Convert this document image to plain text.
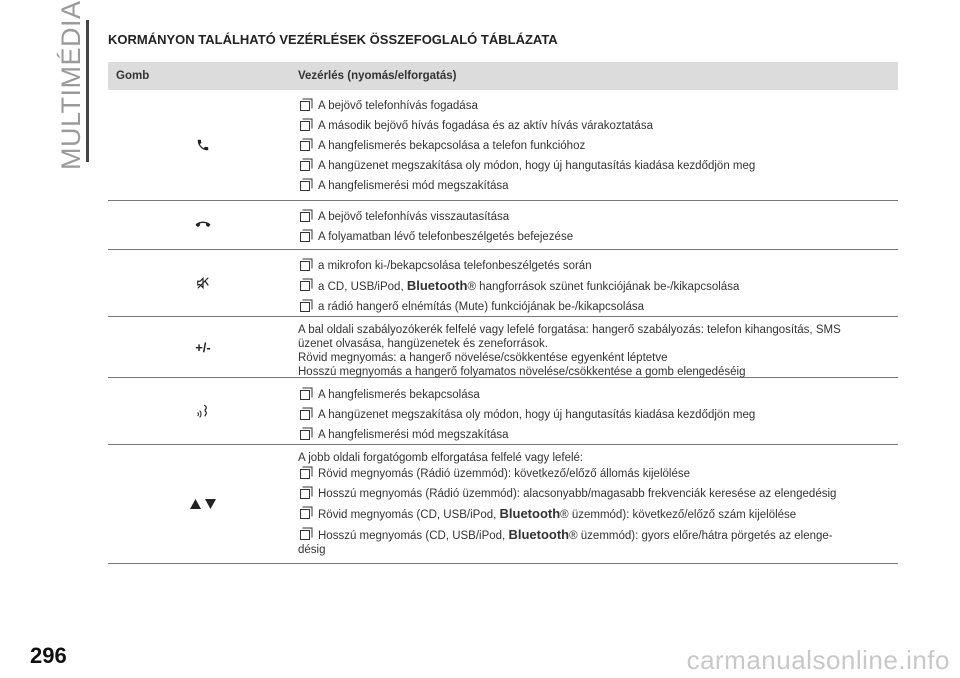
MULTIMÉDIA KORMÁNYON TALÁLHATÓ VEZÉRLÉSEK ÖSSZEFOGLALÓ TÁBLÁZATA
Gomb	Vezérlés (nyomás/elforgatás)
A bejövő telefonhívás fogadása
A második bejövő hívás fogadása és az aktív hívás várakoztatása
A hangfelismerés bekapcsolása a telefon funkcióhoz
A hangüzenet megszakítása oly módon, hogy új hangutasítás kiadása kezdődjön meg
A hangfelismerési mód megszakítása
A bejövő telefonhívás visszautasítása
A folyamatban lévő telefonbeszélgetés befejezése
a mikrofon ki-/bekapcsolása telefonbeszélgetés során
a CD, USB/iPod, Bluetooth® hangforrások szünet funkciójának be-/kikapcsolása
a rádió hangerő elnémítás (Mute) funkciójának be-/kikapcsolása
+/-
A bal oldali szabályozókerék felfelé vagy lefelé forgatása: hangerő szabályozás: telefon kihangosítás, SMS
üzenet olvasása, hangüzenetek és zeneforrások.
Rövid megnyomás: a hangerő növelése/csökkentése egyenként léptetve
Hosszú megnyomás a hangerő folyamatos növelése/csökkentése a gomb elengedéséig
A hangfelismerés bekapcsolása
A hangüzenet megszakítása oly módon, hogy új hangutasítás kiadása kezdődjön meg
A hangfelismerési mód megszakítása
A jobb oldali forgatógomb elforgatása felfelé vagy lefelé:
Rövid megnyomás (Rádió üzemmód): következő/előző állomás kijelölése
Hosszú megnyomás (Rádió üzemmód): alacsonyabb/magasabb frekvenciák keresése az elengedésig
Rövid megnyomás (CD, USB/iPod, Bluetooth® üzemmód): következő/előző szám kijelölése
Hosszú megnyomás (CD, USB/iPod, Bluetooth® üzemmód): gyors előre/hátra pörgetés az elenge-
désig
296	carmanualsonline.info
